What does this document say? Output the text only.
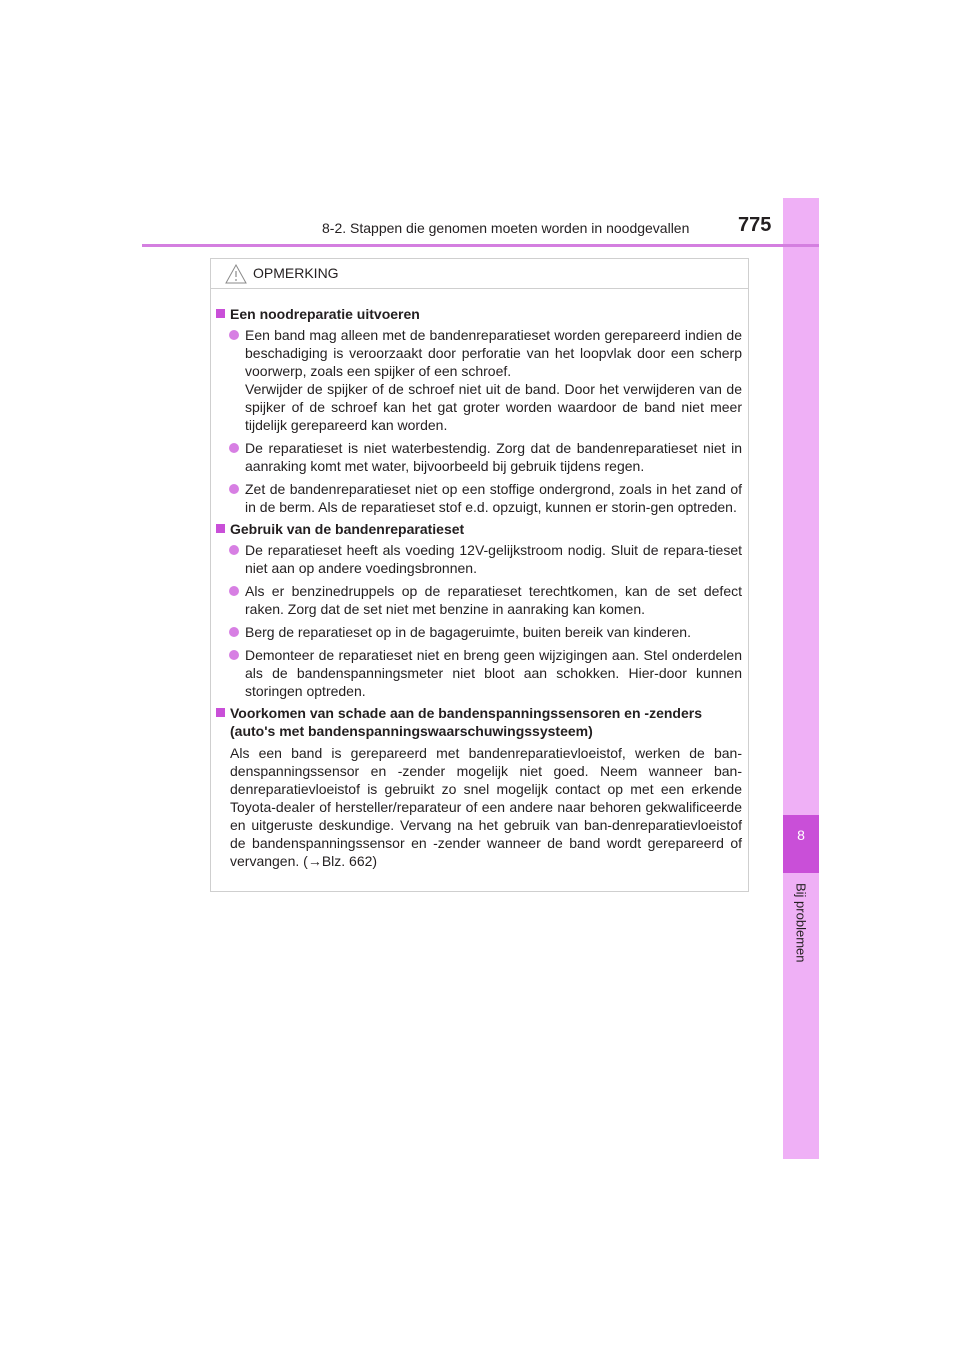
8
Bij problemen
8-2. Stappen die genomen moeten worden in noodgevallen 775
OPMERKING
Een noodreparatie uitvoeren
Een band mag alleen met de bandenreparatieset worden gerepareerd indien de beschadiging is veroorzaakt door perforatie van het loopvlak door een scherp voorwerp, zoals een spijker of een schroef.
Verwijder de spijker of de schroef niet uit de band. Door het verwijderen van de spijker of de schroef kan het gat groter worden waardoor de band niet meer tijdelijk gerepareerd kan worden.
De reparatieset is niet waterbestendig. Zorg dat de bandenreparatieset niet in aanraking komt met water, bijvoorbeeld bij gebruik tijdens regen.
Zet de bandenreparatieset niet op een stoffige ondergrond, zoals in het zand of in de berm. Als de reparatieset stof e.d. opzuigt, kunnen er storin-gen optreden.
Gebruik van de bandenreparatieset
De reparatieset heeft als voeding 12V-gelijkstroom nodig. Sluit de repara-tieset niet aan op andere voedingsbronnen.
Als er benzinedruppels op de reparatieset terechtkomen, kan de set defect raken. Zorg dat de set niet met benzine in aanraking kan komen.
Berg de reparatieset op in de bagageruimte, buiten bereik van kinderen.
Demonteer de reparatieset niet en breng geen wijzigingen aan. Stel onderdelen als de bandenspanningsmeter niet bloot aan schokken. Hier-door kunnen storingen optreden.
Voorkomen van schade aan de bandenspanningssensoren en -zenders (auto's met bandenspanningswaarschuwingssysteem)
Als een band is gerepareerd met bandenreparatievloeistof, werken de ban-denspanningssensor en -zender mogelijk niet goed. Neem wanneer ban-denreparatievloeistof is gebruikt zo snel mogelijk contact op met een erkende Toyota-dealer of hersteller/reparateur of een andere naar behoren gekwalificeerde en uitgeruste deskundige. Vervang na het gebruik van ban-denreparatievloeistof de bandenspanningssensor en -zender wanneer de band wordt gerepareerd of vervangen. (→Blz. 662)
